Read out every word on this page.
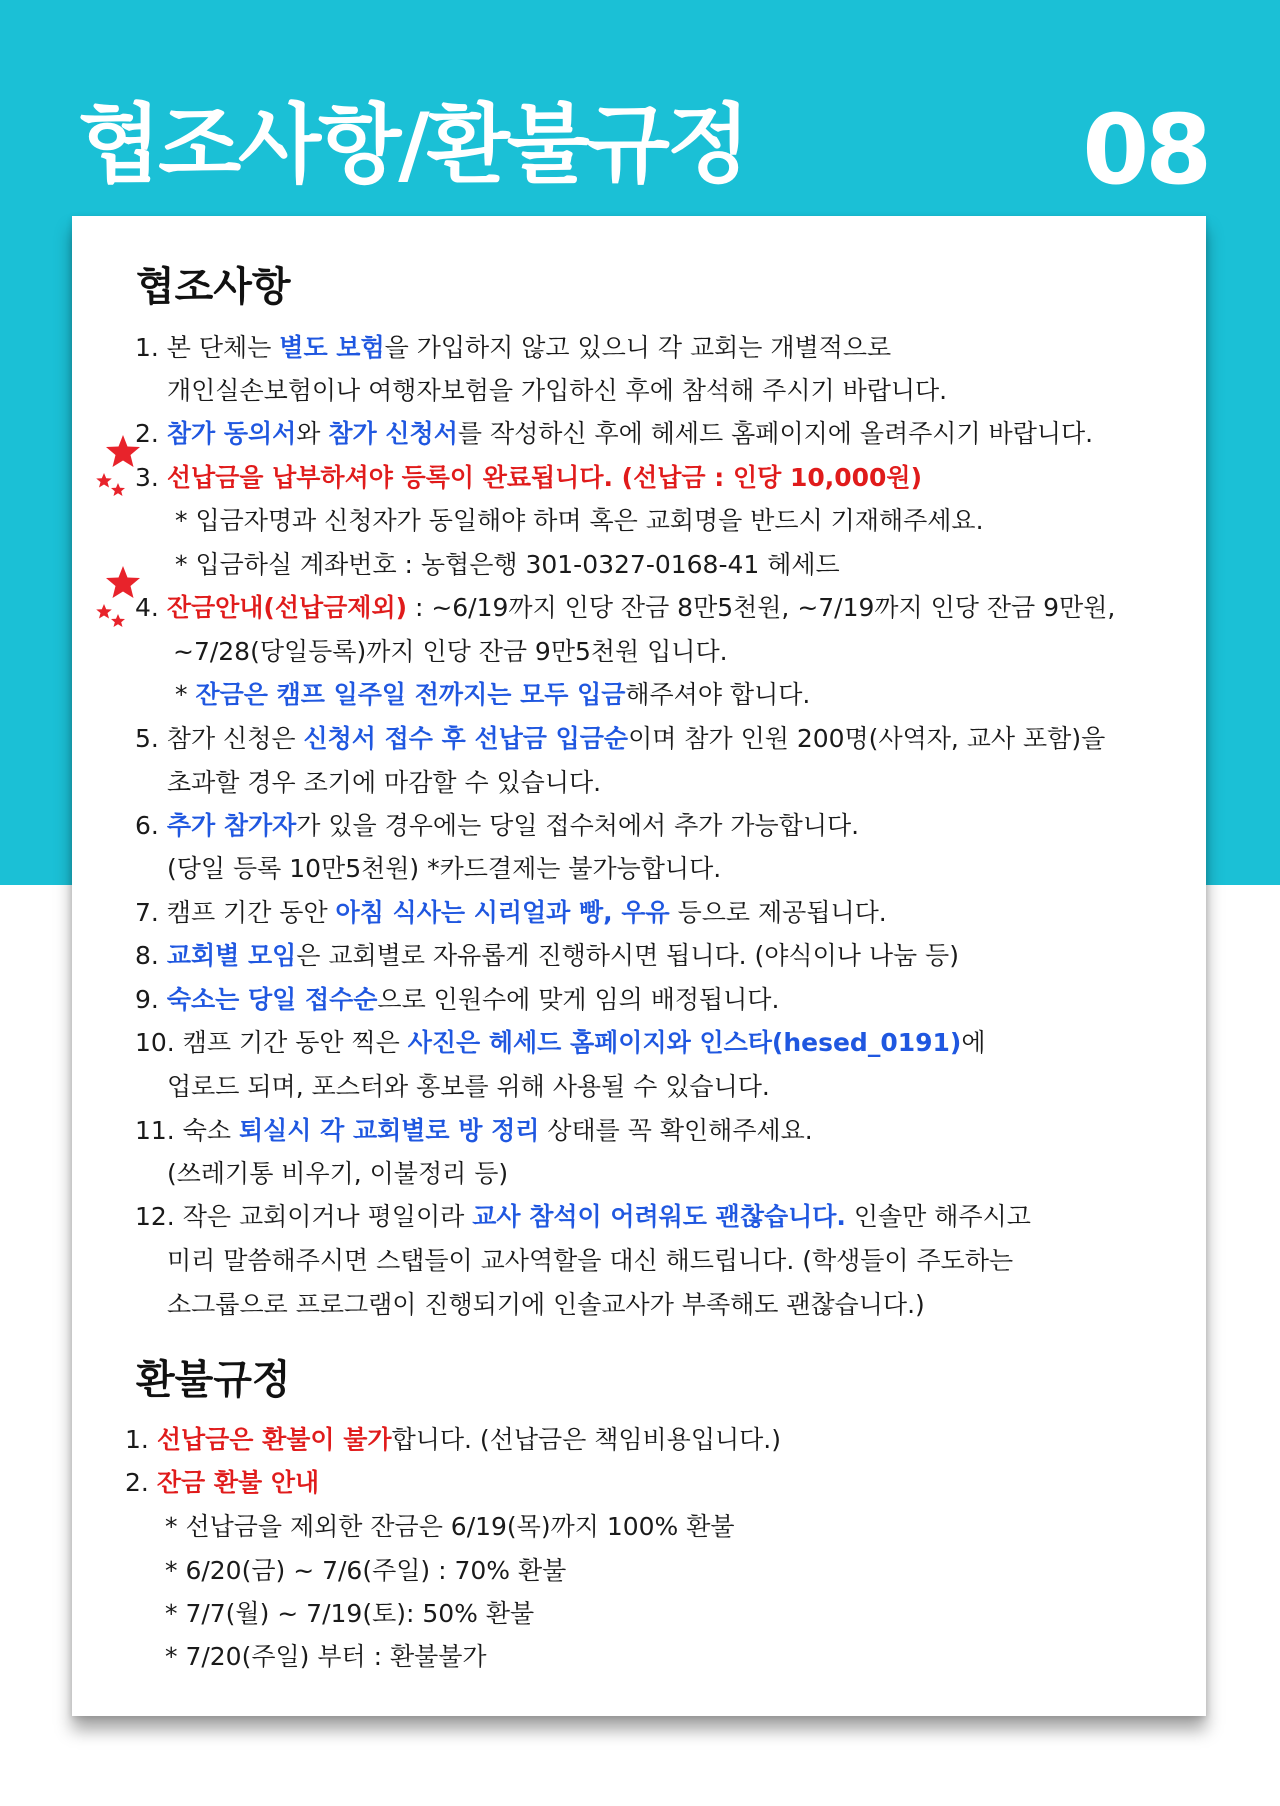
협조사항/환불규정	08
협조사항
1. 본 단체는 별도 보험을 가입하지 않고 있으니 각 교회는 개별적으로
개인실손보험이나 여행자보험을 가입하신 후에 참석해 주시기 바랍니다.
2. 참가 동의서와 참가 신청서를 작성하신 후에 헤세드 홈페이지에 올려주시기 바랍니다.
3. 선납금을 납부하셔야 등록이 완료됩니다. (선납금 : 인당 10,000원)
* 입금자명과 신청자가 동일해야 하며 혹은 교회명을 반드시 기재해주세요.
* 입금하실 계좌번호 : 농협은행 301-0327-0168-41 헤세드
4. 잔금안내(선납금제외) : ~6/19까지 인당 잔금 8만5천원, ~7/19까지 인당 잔금 9만원,
~7/28(당일등록)까지 인당 잔금 9만5천원 입니다.
* 잔금은 캠프 일주일 전까지는 모두 입금해주셔야 합니다.
5. 참가 신청은 신청서 접수 후 선납금 입금순이며 참가 인원 200명(사역자, 교사 포함)을
초과할 경우 조기에 마감할 수 있습니다.
6. 추가 참가자가 있을 경우에는 당일 접수처에서 추가 가능합니다.
(당일 등록 10만5천원) *카드결제는 불가능합니다.
7. 캠프 기간 동안 아침 식사는 시리얼과 빵, 우유 등으로 제공됩니다.
8. 교회별 모임은 교회별로 자유롭게 진행하시면 됩니다. (야식이나 나눔 등)
9. 숙소는 당일 접수순으로 인원수에 맞게 임의 배정됩니다.
10. 캠프 기간 동안 찍은 사진은 헤세드 홈페이지와 인스타(hesed_0191)에
업로드 되며, 포스터와 홍보를 위해 사용될 수 있습니다.
11. 숙소 퇴실시 각 교회별로 방 정리 상태를 꼭 확인해주세요.
(쓰레기통 비우기, 이불정리 등)
12. 작은 교회이거나 평일이라 교사 참석이 어려워도 괜찮습니다. 인솔만 해주시고
미리 말씀해주시면 스탭들이 교사역할을 대신 해드립니다. (학생들이 주도하는
소그룹으로 프로그램이 진행되기에 인솔교사가 부족해도 괜찮습니다.)
환불규정
1. 선납금은 환불이 불가합니다. (선납금은 책임비용입니다.)
2. 잔금 환불 안내
* 선납금을 제외한 잔금은 6/19(목)까지 100% 환불
* 6/20(금) ~ 7/6(주일) : 70% 환불
* 7/7(월) ~ 7/19(토): 50% 환불
* 7/20(주일) 부터 : 환불불가
